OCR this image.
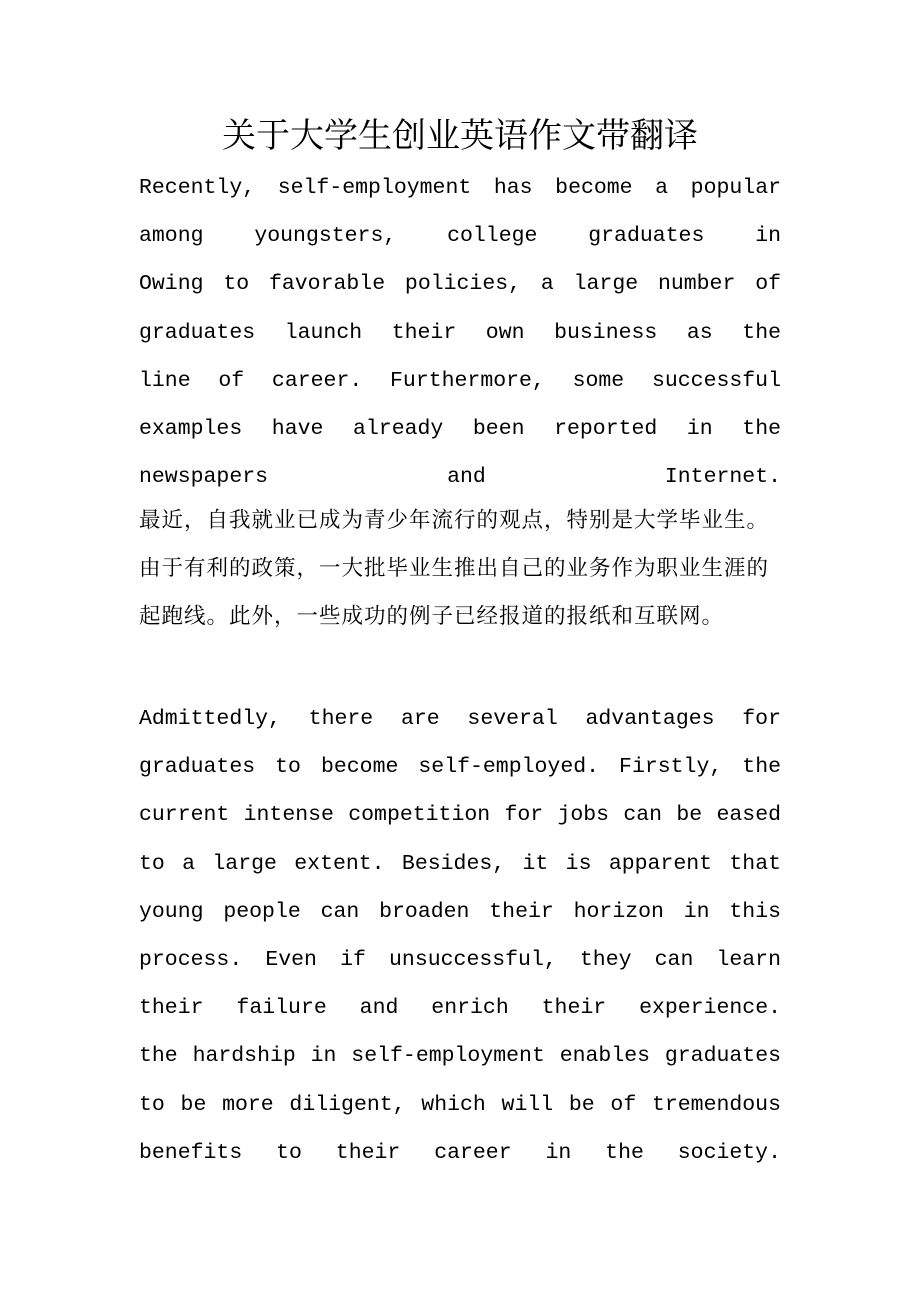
关于大学生创业英语作文带翻译
Recently, self-employment has become a popular
among youngsters, college graduates in
Owing to favorable policies, a large number of
graduates launch their own business as the
line of career. Furthermore, some successful
examples have already been reported in the
newspapers and Internet.

最近，自我就业已成为青少年流行的观点，特别是大学毕业生。由于有利的政策，一大批毕业生推出自己的业务作为职业生涯的起跑线。此外，一些成功的例子已经报道的报纸和互联网。

Admittedly, there are several advantages for
graduates to become self-employed. Firstly, the
current intense competition for jobs can be eased
to a large extent. Besides, it is apparent that
young people can broaden their horizon in this
process. Even if unsuccessful, they can learn
their failure and enrich their experience.
the hardship in self-employment enables graduates
to be more diligent, which will be of tremendous
benefits to their career in the society.
